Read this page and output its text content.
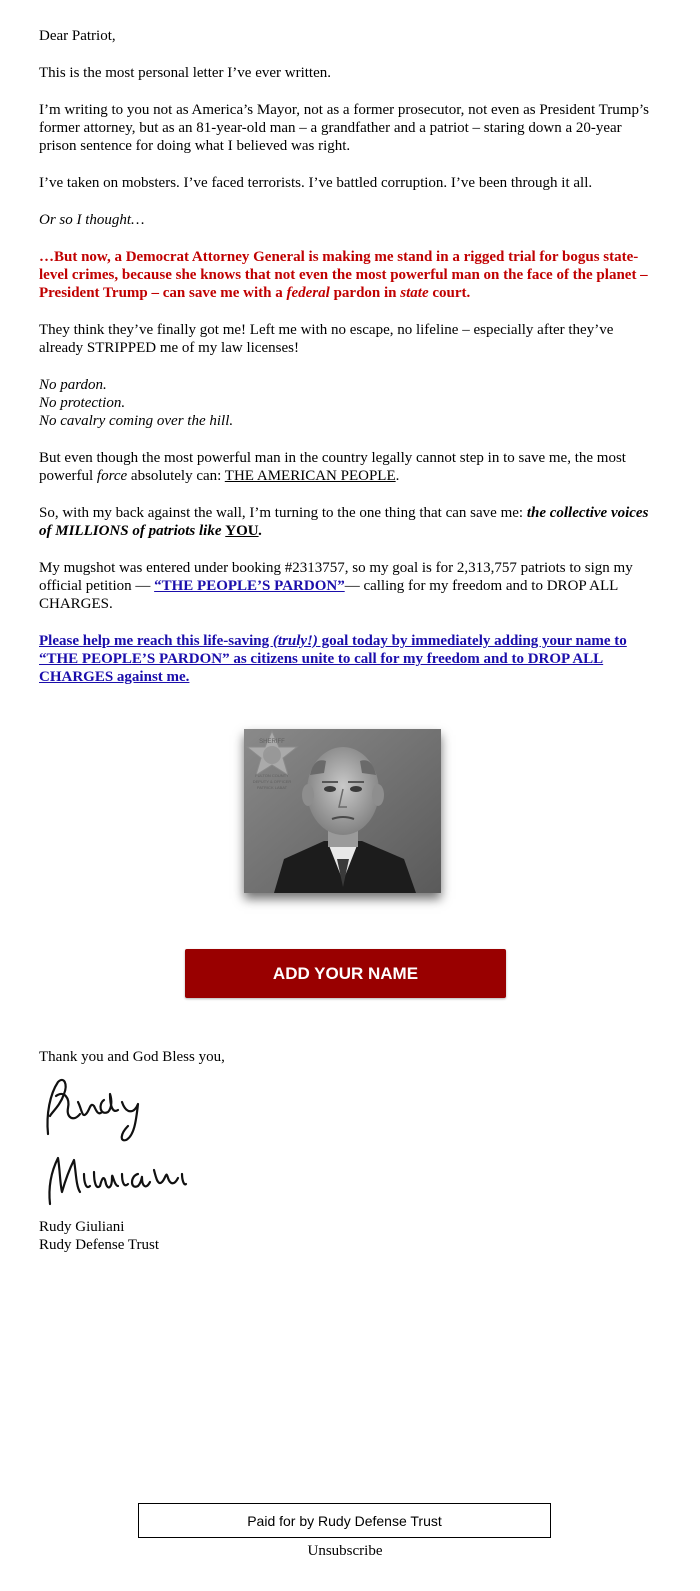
Dear Patriot,

This is the most personal letter I’ve ever written.

I’m writing to you not as America’s Mayor, not as a former prosecutor, not even as President Trump’s former attorney, but as an 81-year-old man – a grandfather and a patriot – staring down a 20-year prison sentence for doing what I believed was right.

I’ve taken on mobsters. I’ve faced terrorists. I’ve battled corruption. I’ve been through it all.

Or so I thought…

…But now, a Democrat Attorney General is making me stand in a rigged trial for bogus state-level crimes, because she knows that not even the most powerful man on the face of the planet – President Trump – can save me with a federal pardon in state court.

They think they’ve finally got me! Left me with no escape, no lifeline – especially after they’ve already STRIPPED me of my law licenses!

No pardon.
No protection.
No cavalry coming over the hill.

But even though the most powerful man in the country legally cannot step in to save me, the most powerful force absolutely can: THE AMERICAN PEOPLE.

So, with my back against the wall, I’m turning to the one thing that can save me: the collective voices of MILLIONS of patriots like YOU.

My mugshot was entered under booking #2313757, so my goal is for 2,313,757 patriots to sign my official petition — “THE PEOPLE’S PARDON”— calling for my freedom and to DROP ALL CHARGES.

Please help me reach this life-saving (truly!) goal today by immediately adding your name to “THE PEOPLE’S PARDON” as citizens unite to call for my freedom and to DROP ALL CHARGES against me.

SHERIFF
FULTON COUNTY
DEPUTY & OFFICER
PATRICK LABAT
ADD YOUR NAME
Thank you and God Bless you,
Rudy Giuliani
Rudy Giuliani
Rudy Defense Trust
Paid for by Rudy Defense Trust
Unsubscribe
